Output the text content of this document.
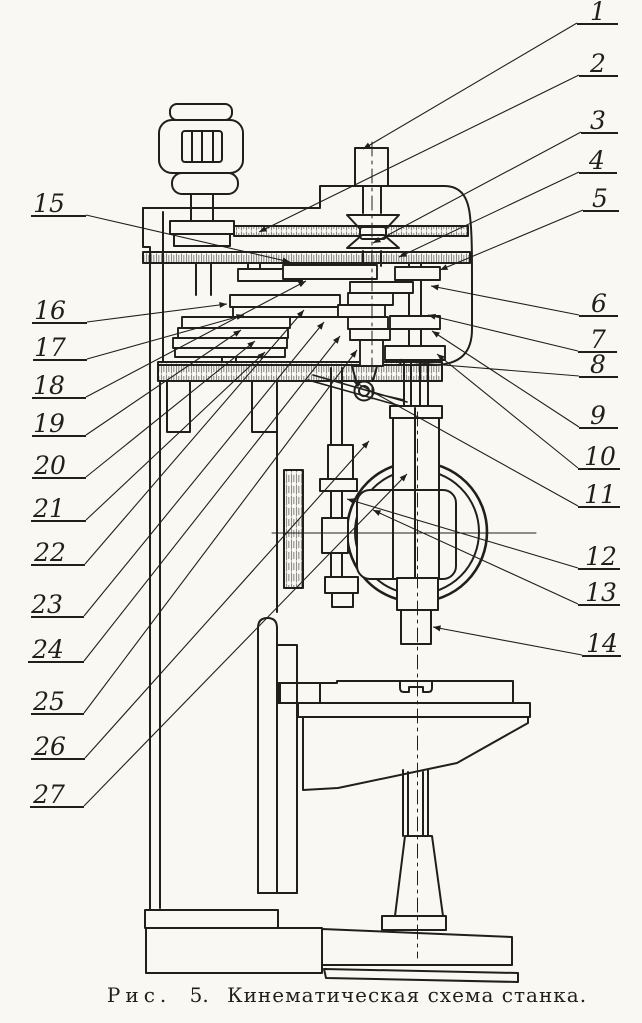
1
2
3
4
5
6
7
8
9
10
11
12
13
14
15
16
17
18
19
20
21
22
23
24
25
26
27
Рис. 5. Кинематическая схема станка.
